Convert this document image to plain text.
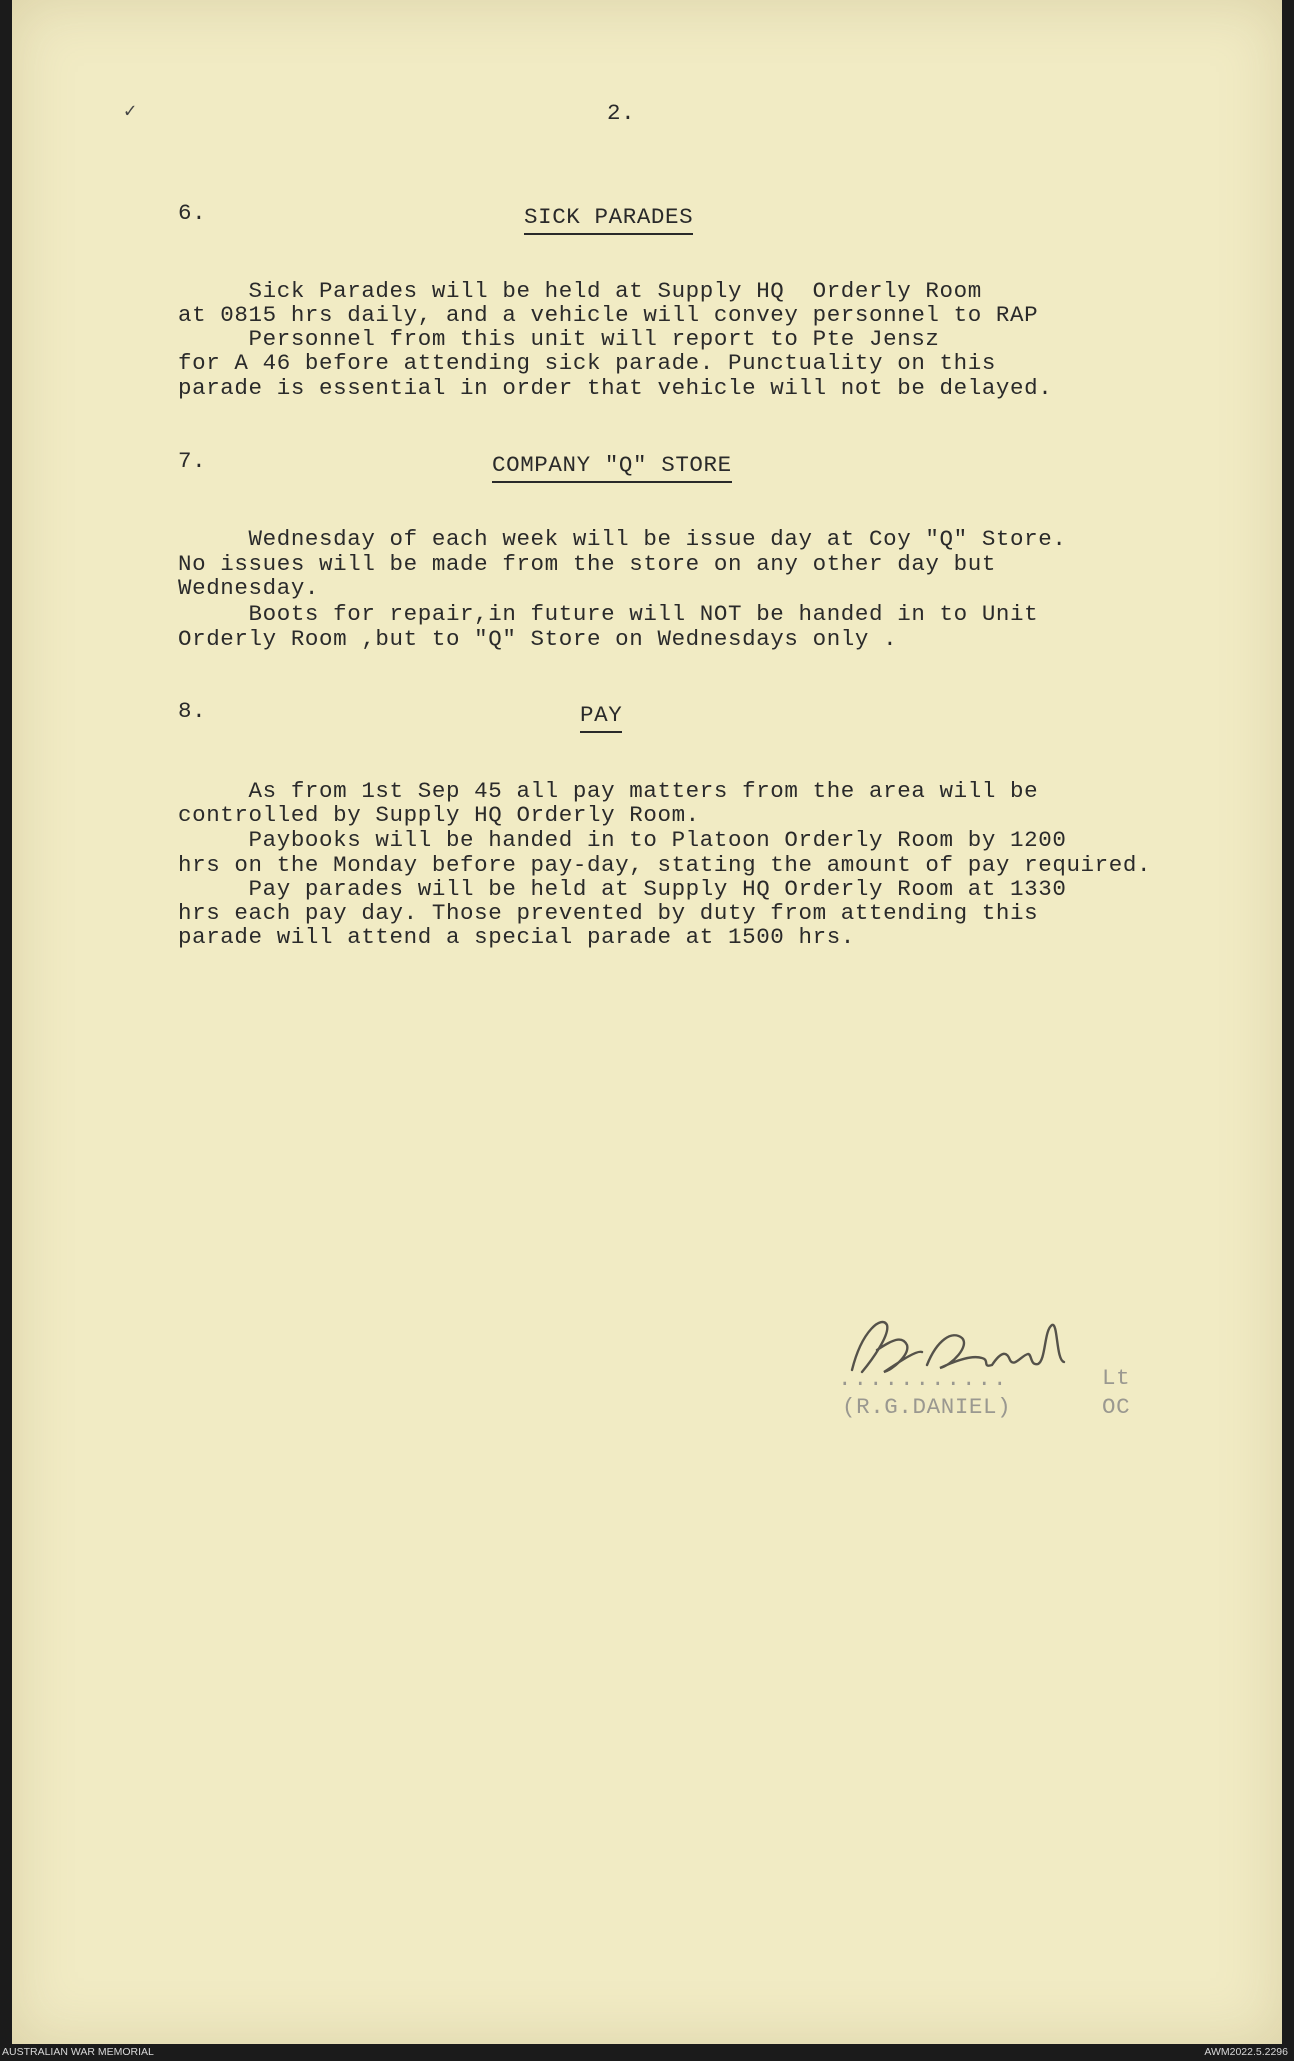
✓	2.
6.	SICK PARADES
Sick Parades will be held at Supply HQ  Orderly Room
at 0815 hrs daily, and a vehicle will convey personnel to RAP
Personnel from this unit will report to Pte Jensz
for A 46 before attending sick parade. Punctuality on this
parade is essential in order that vehicle will not be delayed.
7.	COMPANY "Q" STORE
Wednesday of each week will be issue day at Coy "Q" Store.
No issues will be made from the store on any other day but
Wednesday.
Boots for repair,in future will NOT be handed in to Unit
Orderly Room ,but to "Q" Store on Wednesdays only .
8.	PAY
As from 1st Sep 45 all pay matters from the area will be
controlled by Supply HQ Orderly Room.
Paybooks will be handed in to Platoon Orderly Room by 1200
hrs on the Monday before pay-day, stating the amount of pay required.
Pay parades will be held at Supply HQ Orderly Room at 1330
hrs each pay day. Those prevented by duty from attending this
parade will attend a special parade at 1500 hrs.
...........	Lt
(R.G.DANIEL)	OC
AUSTRALIAN WAR MEMORIAL	AWM2022.5.2296
